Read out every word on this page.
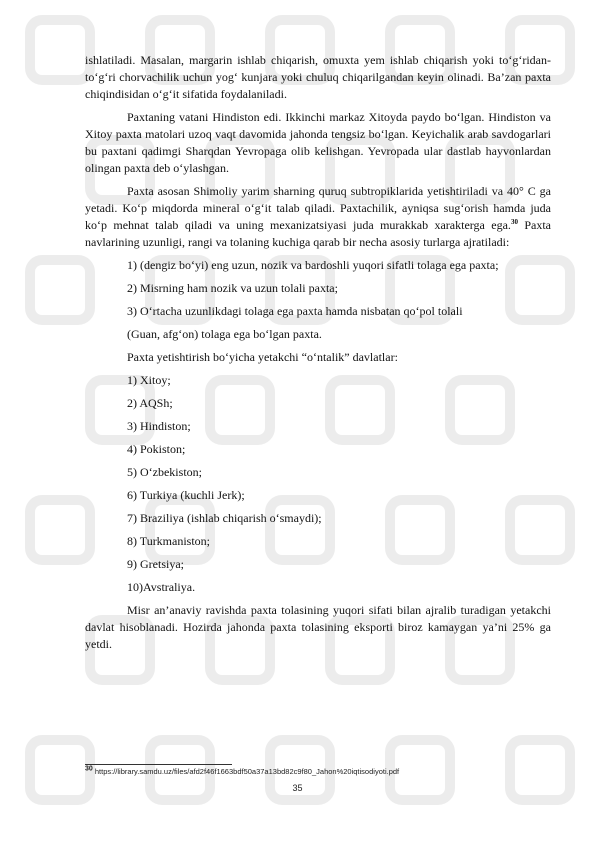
ishlatiladi. Masalan, margarin ishlab chiqarish, omuxta yem ishlab chiqarish yoki to‘g‘ridan-to‘g‘ri chorvachilik uchun yog‘ kunjara yoki chuluq chiqarilgandan keyin olinadi. Ba’zan paxta chiqindisidan o‘g‘it sifatida foydalaniladi.

Paxtaning vatani Hindiston edi. Ikkinchi markaz Xitoyda paydo bo‘lgan. Hindiston va Xitoy paxta matolari uzoq vaqt davomida jahonda tengsiz bo‘lgan. Keyichalik arab savdogarlari bu paxtani qadimgi Sharqdan Yevropaga olib kelishgan. Yevropada ular dastlab hayvonlardan olingan paxta deb o‘ylashgan.

Paxta asosan Shimoliy yarim sharning quruq subtropiklarida yetishtiriladi va 40° C ga yetadi. Ko‘p miqdorda mineral o‘g‘it talab qiladi. Paxtachilik, ayniqsa sug‘orish hamda juda ko‘p mehnat talab qiladi va uning mexanizatsiyasi juda murakkab xarakterga ega.$^{30}$ Paxta navlarining uzunligi, rangi va tolaning kuchiga qarab bir necha asosiy turlarga ajratiladi:

1) (dengiz bo‘yi) eng uzun, nozik va bardoshli yuqori sifatli tolaga ega paxta;

2) Misrning ham nozik va uzun tolali paxta;

3) O‘rtacha uzunlikdagi tolaga ega paxta hamda nisbatan qo‘pol tolali

(Guan, afg‘on) tolaga ega bo‘lgan paxta.

Paxta yetishtirish bo‘yicha yetakchi “o‘ntalik” davlatlar:

1) Xitoy;

2) AQSh;

3) Hindiston;

4) Pokiston;

5) O‘zbekiston;

6) Turkiya (kuchli Jerk);

7) Braziliya (ishlab chiqarish o‘smaydi);

8) Turkmaniston;

9) Gretsiya;

10)Avstraliya.

Misr an’anaviy ravishda paxta tolasining yuqori sifati bilan ajralib turadigan yetakchi davlat hisoblanadi. Hozirda jahonda paxta tolasining eksporti biroz kamaygan ya’ni 25% ga yetdi.

$^{30}$ https://library.samdu.uz/files/afd2f46f1663bdf50a37a13bd82c9f80_Jahon%20iqtisodiyoti.pdf
35
